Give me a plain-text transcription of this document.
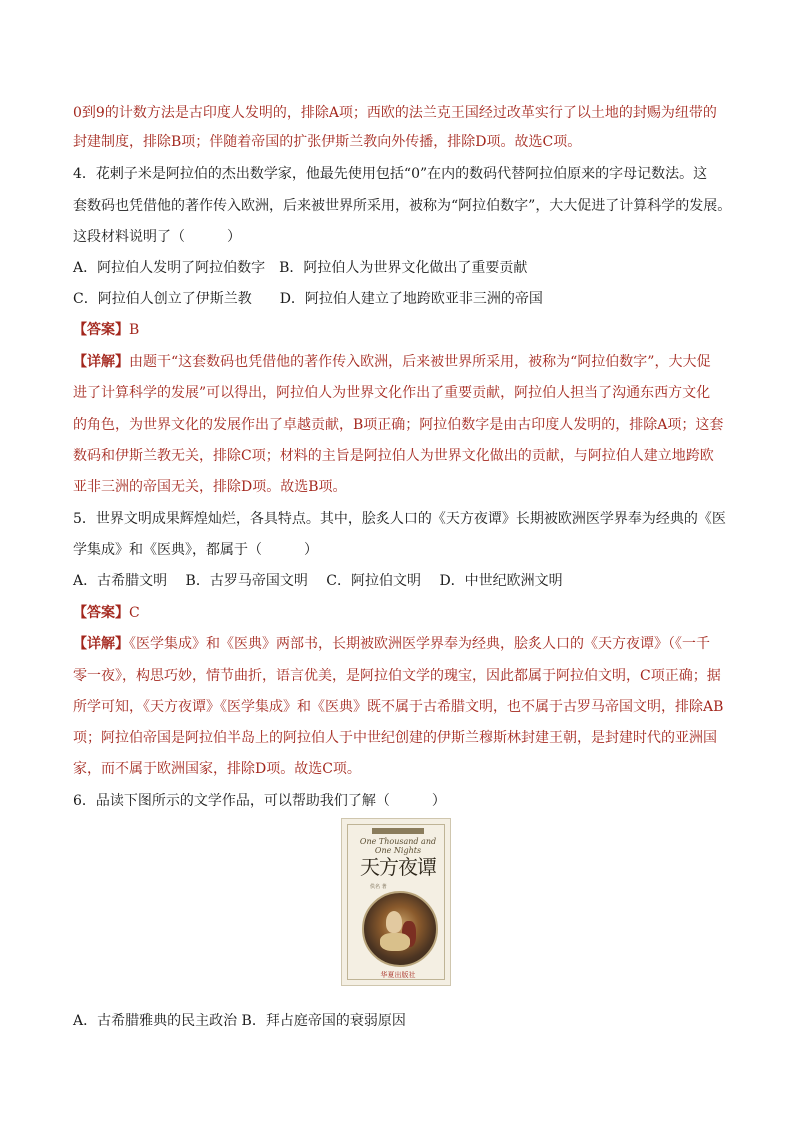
0到9的计数方法是古印度人发明的，排除A项；西欧的法兰克王国经过改革实行了以土地的封赐为纽带的
封建制度，排除B项；伴随着帝国的扩张伊斯兰教向外传播，排除D项。故选C项。
4．花剌子米是阿拉伯的杰出数学家，他最先使用包括“0”在内的数码代替阿拉伯原来的字母记数法。这
套数码也凭借他的著作传入欧洲，后来被世界所采用，被称为“阿拉伯数字”，大大促进了计算科学的发展。
这段材料说明了（　　　）
A．阿拉伯人发明了阿拉伯数字　B．阿拉伯人为世界文化做出了重要贡献
C．阿拉伯人创立了伊斯兰教　　D．阿拉伯人建立了地跨欧亚非三洲的帝国
【答案】B
【详解】由题干“这套数码也凭借他的著作传入欧洲，后来被世界所采用，被称为“阿拉伯数字”，大大促
进了计算科学的发展”可以得出，阿拉伯人为世界文化作出了重要贡献，阿拉伯人担当了沟通东西方文化
的角色，为世界文化的发展作出了卓越贡献，B项正确；阿拉伯数字是由古印度人发明的，排除A项；这套
数码和伊斯兰教无关，排除C项；材料的主旨是阿拉伯人为世界文化做出的贡献，与阿拉伯人建立地跨欧
亚非三洲的帝国无关，排除D项。故选B项。
5．世界文明成果辉煌灿烂，各具特点。其中，脍炙人口的《天方夜谭》长期被欧洲医学界奉为经典的《医
学集成》和《医典》，都属于（　　　）
A．古希腊文明　 B．古罗马帝国文明　 C．阿拉伯文明　 D．中世纪欧洲文明
【答案】C
【详解】《医学集成》和《医典》两部书，长期被欧洲医学界奉为经典，脍炙人口的《天方夜谭》（《一千
零一夜》，构思巧妙，情节曲折，语言优美，是阿拉伯文学的瑰宝，因此都属于阿拉伯文明，C项正确；据
所学可知，《天方夜谭》《医学集成》和《医典》既不属于古希腊文明，也不属于古罗马帝国文明，排除AB
项；阿拉伯帝国是阿拉伯半岛上的阿拉伯人于中世纪创建的伊斯兰穆斯林封建王朝，是封建时代的亚洲国
家，而不属于欧洲国家，排除D项。故选C项。
6．品读下图所示的文学作品，可以帮助我们了解（　　　）
One Thousand and
One Nights
天方夜谭
佚名 著
华夏出版社
A．古希腊雅典的民主政治 B．拜占庭帝国的衰弱原因
